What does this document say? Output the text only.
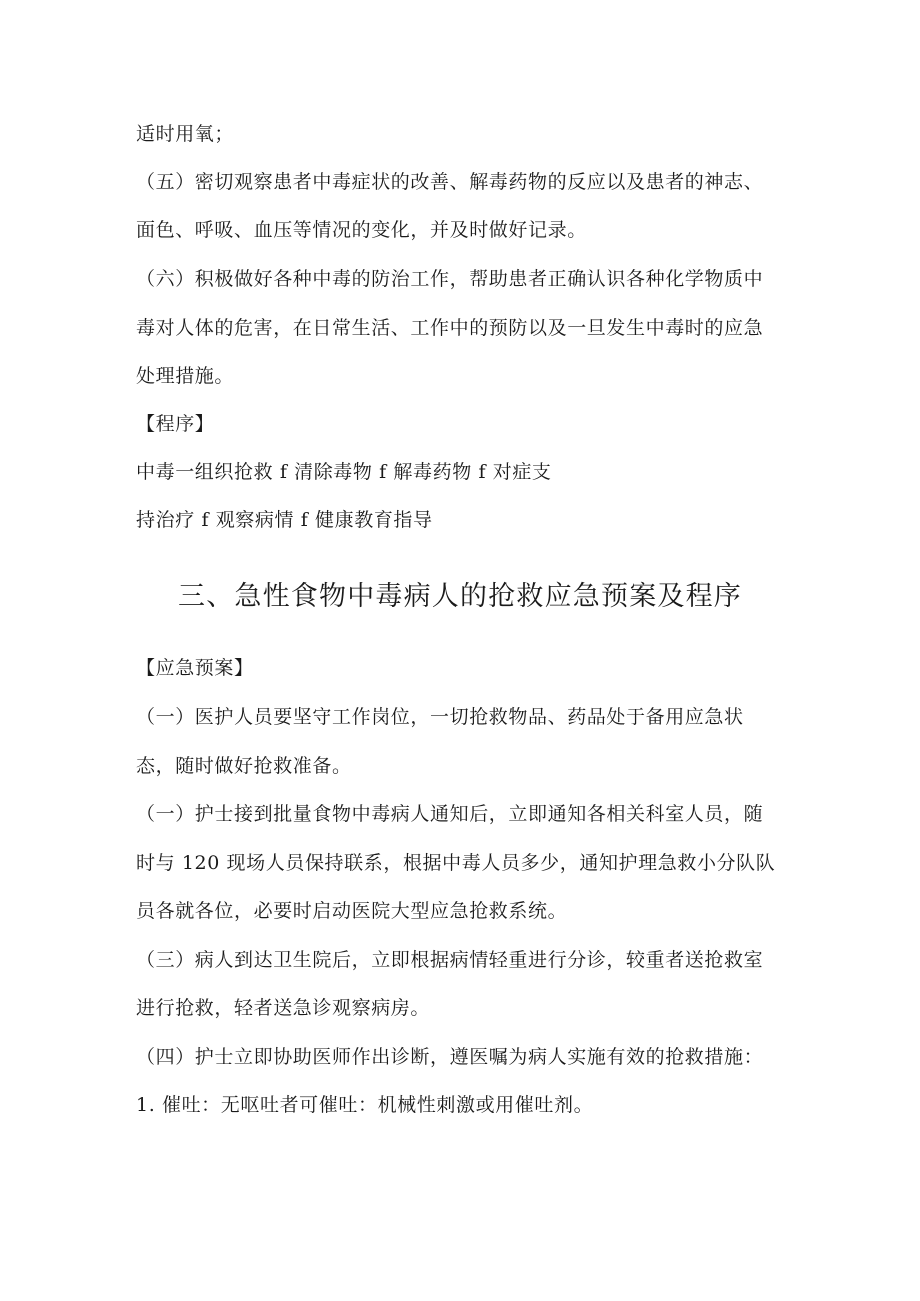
适时用氧；
（五）密切观察患者中毒症状的改善、解毒药物的反应以及患者的神志、
面色、呼吸、血压等情况的变化，并及时做好记录。
（六）积极做好各种中毒的防治工作，帮助患者正确认识各种化学物质中
毒对人体的危害，在日常生活、工作中的预防以及一旦发生中毒时的应急
处理措施。
【程序】
中毒一组织抢救 f 清除毒物 f 解毒药物 f 对症支
持治疗 f 观察病情 f 健康教育指导
三、急性食物中毒病人的抢救应急预案及程序
【应急预案】
（一）医护人员要坚守工作岗位，一切抢救物品、药品处于备用应急状
态，随时做好抢救准备。
（一）护士接到批量食物中毒病人通知后，立即通知各相关科室人员，随
时与 120 现场人员保持联系，根据中毒人员多少，通知护理急救小分队队
员各就各位，必要时启动医院大型应急抢救系统。
（三）病人到达卫生院后，立即根据病情轻重进行分诊，较重者送抢救室
进行抢救，轻者送急诊观察病房。
（四）护士立即协助医师作出诊断，遵医嘱为病人实施有效的抢救措施：
1. 催吐：无呕吐者可催吐：机械性刺激或用催吐剂。
